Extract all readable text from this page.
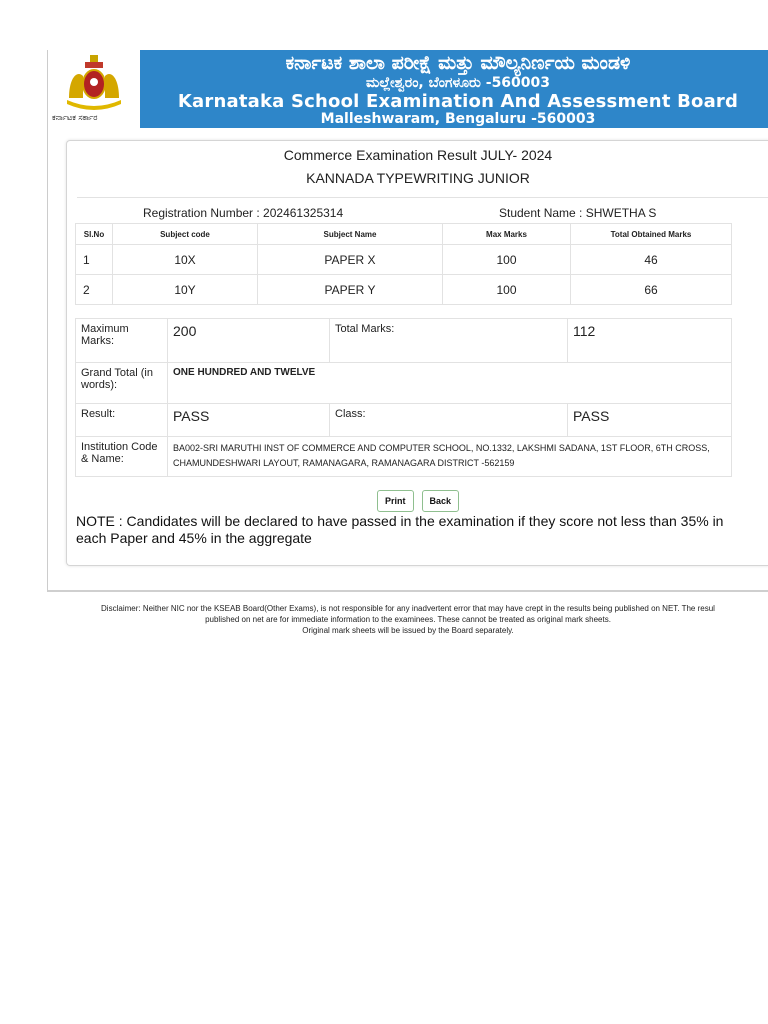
ಕರ್ನಾಟಕ ಸರ್ಕಾರ
ಕರ್ನಾಟಕ ಶಾಲಾ ಪರೀಕ್ಷೆ ಮತ್ತು ಮೌಲ್ಯನಿರ್ಣಯ ಮಂಡಳಿ
ಮಲ್ಲೇಶ್ವರಂ, ಬೆಂಗಳೂರು -560003
Karnataka School Examination And Assessment Board
Malleshwaram, Bengaluru -560003
Commerce Examination Result JULY- 2024
KANNADA TYPEWRITING JUNIOR
Registration Number : 202461325314	Student Name : SHWETHA S
Sl.No	Subject code	Subject Name	Max Marks	Total Obtained Marks
1	10X	PAPER X	100	46
2	10Y	PAPER Y	100	66
Maximum Marks:	200	Total Marks:	112
Grand Total (in words):	ONE HUNDRED AND TWELVE		
Result:	PASS	Class:	PASS
Institution Code & Name:	BA002-SRI MARUTHI INST OF COMMERCE AND COMPUTER SCHOOL, NO.1332, LAKSHMI SADANA, 1ST FLOOR, 6TH CROSS, CHAMUNDESHWARI LAYOUT, RAMANAGARA, RAMANAGARA DISTRICT -562159		
Print	Back
NOTE : Candidates will be declared to have passed in the examination if they score not less than 35% in each Paper and 45% in the aggregate
Disclaimer: Neither NIC nor the KSEAB Board(Other Exams), is not responsible for any inadvertent error that may have crept in the results being published on NET. The resul
published on net are for immediate information to the examinees. These cannot be treated as original mark sheets.
Original mark sheets will be issued by the Board separately.
